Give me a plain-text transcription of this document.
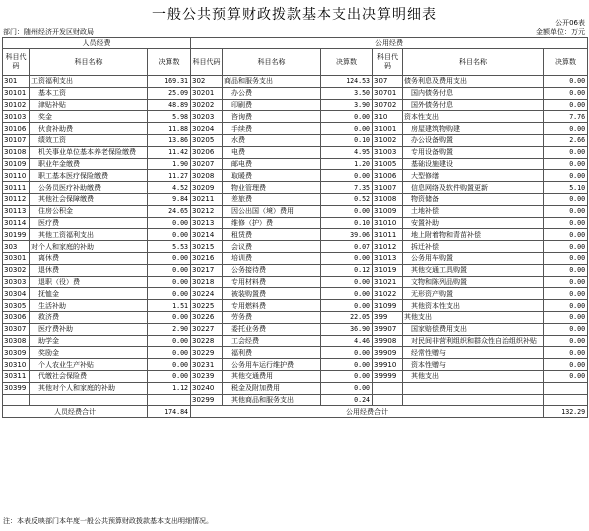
一般公共预算财政拨款基本支出决算明细表	公开06表
部门：随州经济开发区财政局	金额单位：万元
人员经费			公用经费					
科目代码	科目名称	决算数	科目代码	科目名称	决算数	科目代码	科目名称	决算数
301	工资福利支出	169.31	302	商品和服务支出	124.53	307	债务利息及费用支出	0.00
30101	基本工资	25.09	30201	办公费	3.50	30701	国内债务付息	0.00
30102	津贴补贴	48.89	30202	印刷费	3.90	30702	国外债务付息	0.00
30103	奖金	5.98	30203	咨询费	0.00	310	资本性支出	7.76
30106	伙食补助费	11.88	30204	手续费	0.00	31001	房屋建筑物购建	0.00
30107	绩效工资	13.86	30205	水费	0.10	31002	办公设备购置	2.66
30108	机关事业单位基本养老保险缴费	11.42	30206	电费	4.95	31003	专用设备购置	0.00
30109	职业年金缴费	1.90	30207	邮电费	1.20	31005	基础设施建设	0.00
30110	职工基本医疗保险缴费	11.27	30208	取暖费	0.00	31006	大型修缮	0.00
30111	公务员医疗补助缴费	4.52	30209	物业管理费	7.35	31007	信息网络及软件购置更新	5.10
30112	其他社会保障缴费	9.84	30211	差旅费	0.52	31008	物资储备	0.00
30113	住房公积金	24.65	30212	因公出国（境）费用	0.00	31009	土地补偿	0.00
30114	医疗费	0.00	30213	维修（护）费	0.10	31010	安置补助	0.00
30199	其他工资福利支出	0.00	30214	租赁费	39.06	31011	地上附着物和青苗补偿	0.00
303	对个人和家庭的补助	5.53	30215	会议费	0.07	31012	拆迁补偿	0.00
30301	离休费	0.00	30216	培训费	0.00	31013	公务用车购置	0.00
30302	退休费	0.00	30217	公务接待费	0.12	31019	其他交通工具购置	0.00
30303	退职（役）费	0.00	30218	专用材料费	0.00	31021	文物和陈列品购置	0.00
30304	抚恤金	0.00	30224	被装购置费	0.00	31022	无形资产购置	0.00
30305	生活补助	1.51	30225	专用燃料费	0.00	31099	其他资本性支出	0.00
30306	救济费	0.00	30226	劳务费	22.05	399	其他支出	0.00
30307	医疗费补助	2.90	30227	委托业务费	36.90	39907	国家赔偿费用支出	0.00
30308	助学金	0.00	30228	工会经费	4.46	39908	对民间非营利组织和群众性自治组织补贴	0.00
30309	奖励金	0.00	30229	福利费	0.00	39909	经常性赠与	0.00
30310	个人农业生产补贴	0.00	30231	公务用车运行维护费	0.00	39910	资本性赠与	0.00
30311	代缴社会保险费	0.00	30239	其他交通费用	0.00	39999	其他支出	0.00
30399	其他对个人和家庭的补助	1.12	30240	税金及附加费用	0.00			
			30299	其他商品和服务支出	0.24			
人员经费合计		174.84	公用经费合计					132.29
注：本表反映部门本年度一般公共预算财政拨款基本支出明细情况。
